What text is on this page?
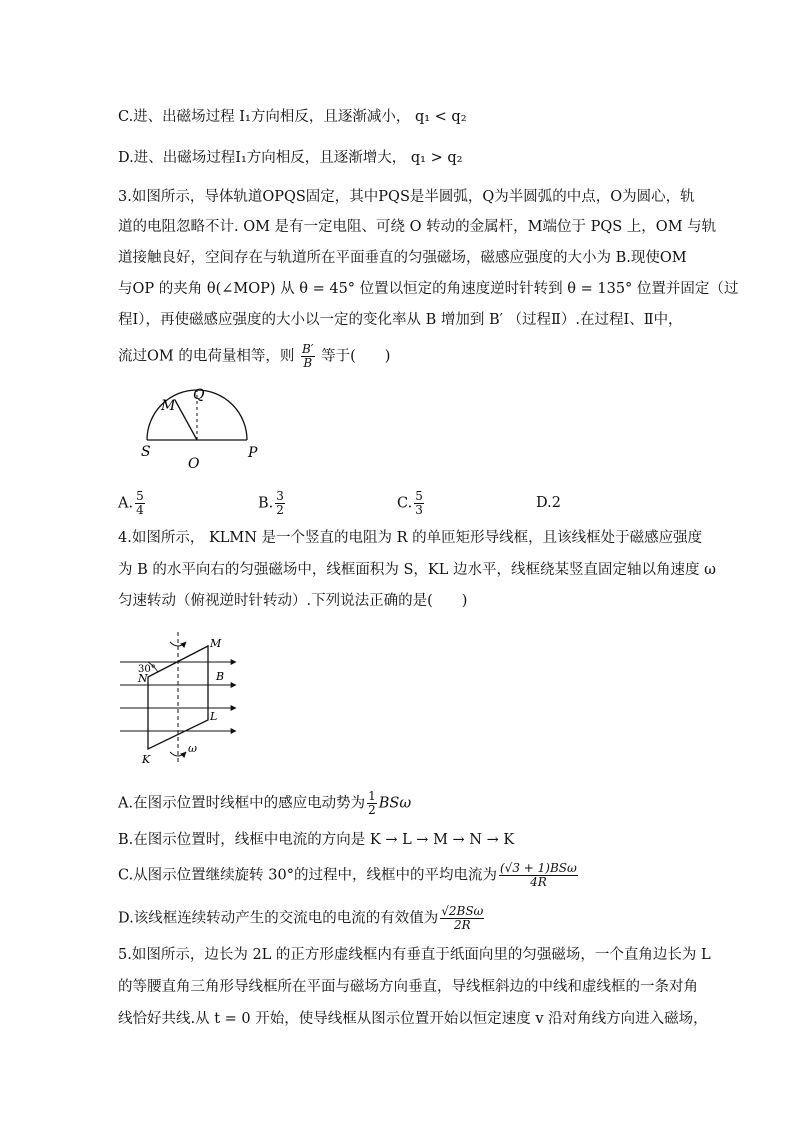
C.进、出磁场过程 I₁方向相反，且逐渐减小， q₁ < q₂
D.进、出磁场过程I₁方向相反，且逐渐增大， q₁ > q₂
3.如图所示，导体轨道OPQS固定，其中PQS是半圆弧，Q为半圆弧的中点，O为圆心，轨
道的电阻忽略不计. OM 是有一定电阻、可绕 O 转动的金属杆，M端位于 PQS 上，OM 与轨
道接触良好，空间存在与轨道所在平面垂直的匀强磁场，磁感应强度的大小为 B.现使OM
与OP 的夹角 θ(∠MOP) 从 θ = 45° 位置以恒定的角速度逆时针转到 θ = 135° 位置并固定（过
程Ⅰ），再使磁感应强度的大小以一定的变化率从 B 增加到 B′ （过程Ⅱ）.在过程Ⅰ、Ⅱ中，
流过OM 的电荷量相等，则 $\frac{B'}{B}$ 等于(　　)
M
Q
S
O
P
A. $\frac{5}{4}$	B. $\frac{3}{2}$	C. $\frac{5}{3}$	D.2
4.如图所示， KLMN 是一个竖直的电阻为 R 的单匝矩形导线框，且该线框处于磁感应强度
为 B 的水平向右的匀强磁场中，线框面积为 S，KL 边水平，线框绕某竖直固定轴以角速度 ω
匀速转动（俯视逆时针转动）.下列说法正确的是(　　)
M
N	B
L
K
30°
ω
A.在图示位置时线框中的感应电动势为 $\frac{1}{2}$ BSω
B.在图示位置时，线框中电流的方向是 K → L → M → N → K
C.从图示位置继续旋转 30°的过程中，线框中的平均电流为 $\frac{\text{(√3 + 1)BSω}}{4R}$
D.该线框连续转动产生的交流电的电流的有效值为 $\frac{\text{√2BSω}}{2R}$
5.如图所示，边长为 2L 的正方形虚线框内有垂直于纸面向里的匀强磁场，一个直角边长为 L
的等腰直角三角形导线框所在平面与磁场方向垂直，导线框斜边的中线和虚线框的一条对角
线恰好共线.从 t = 0 开始，使导线框从图示位置开始以恒定速度 v 沿对角线方向进入磁场，
